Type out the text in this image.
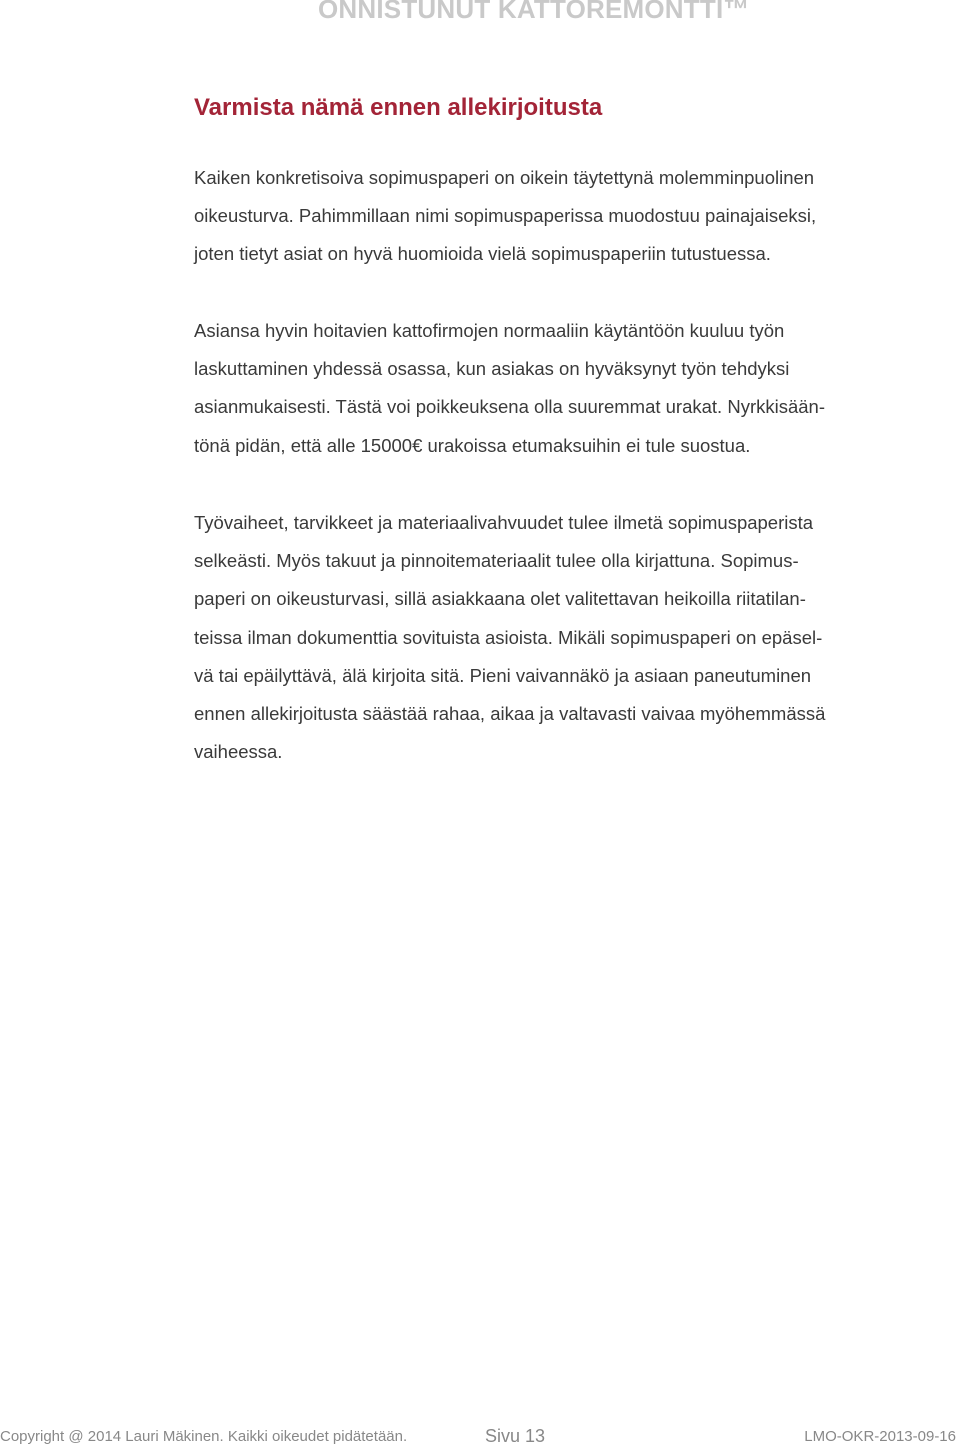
ONNISTUNUT KATTOREMONTTI™
Varmista nämä ennen allekirjoitusta

Kaiken konkretisoiva sopimuspaperi on oikein täytettynä molemminpuolinen
oikeusturva. Pahimmillaan nimi sopimuspaperissa muodostuu painajaiseksi,
joten tietyt asiat on hyvä huomioida vielä sopimuspaperiin tutustuessa.

Asiansa hyvin hoitavien kattofirmojen normaaliin käytäntöön kuuluu työn
laskuttaminen yhdessä osassa, kun asiakas on hyväksynyt työn tehdyksi
asianmukaisesti. Tästä voi poikkeuksena olla suuremmat urakat. Nyrkkisään-
tönä pidän, että alle 15000€ urakoissa etumaksuihin ei tule suostua.

Työvaiheet, tarvikkeet ja materiaalivahvuudet tulee ilmetä sopimuspaperista
selkeästi. Myös takuut ja pinnoitemateriaalit tulee olla kirjattuna. Sopimus-
paperi on oikeusturvasi, sillä asiakkaana olet valitettavan heikoilla riitatilan-
teissa ilman dokumenttia sovituista asioista. Mikäli sopimuspaperi on epäsel-
vä tai epäilyttävä, älä kirjoita sitä. Pieni vaivannäkö ja asiaan paneutuminen
ennen allekirjoitusta säästää rahaa, aikaa ja valtavasti vaivaa myöhemmässä
vaiheessa.

Copyright @ 2014 Lauri Mäkinen. Kaikki oikeudet pidätetään.	Sivu 13	LMO-OKR-2013-09-16
